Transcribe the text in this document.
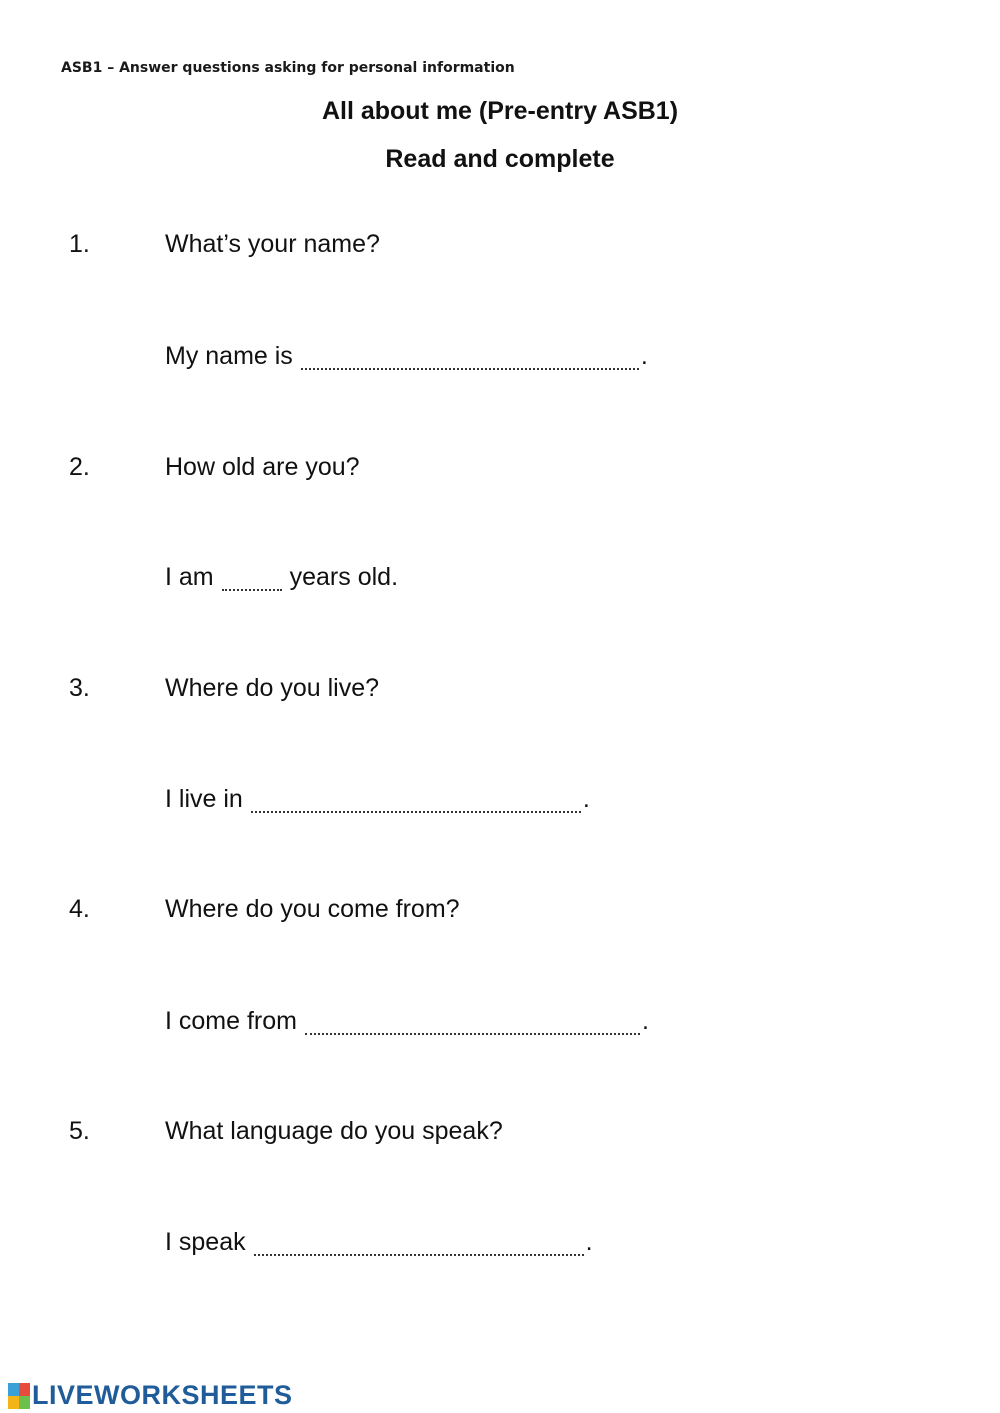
ASB1 – Answer questions asking for personal information
All about me (Pre-entry ASB1)
Read and complete
1.	What’s your name?
My name is	.
2.	How old are you?
I am	years old.
3.	Where do you live?
I live in	.
4.	Where do you come from?
I come from	.
5.	What language do you speak?
I speak	.
LIVEWORKSHEETS
